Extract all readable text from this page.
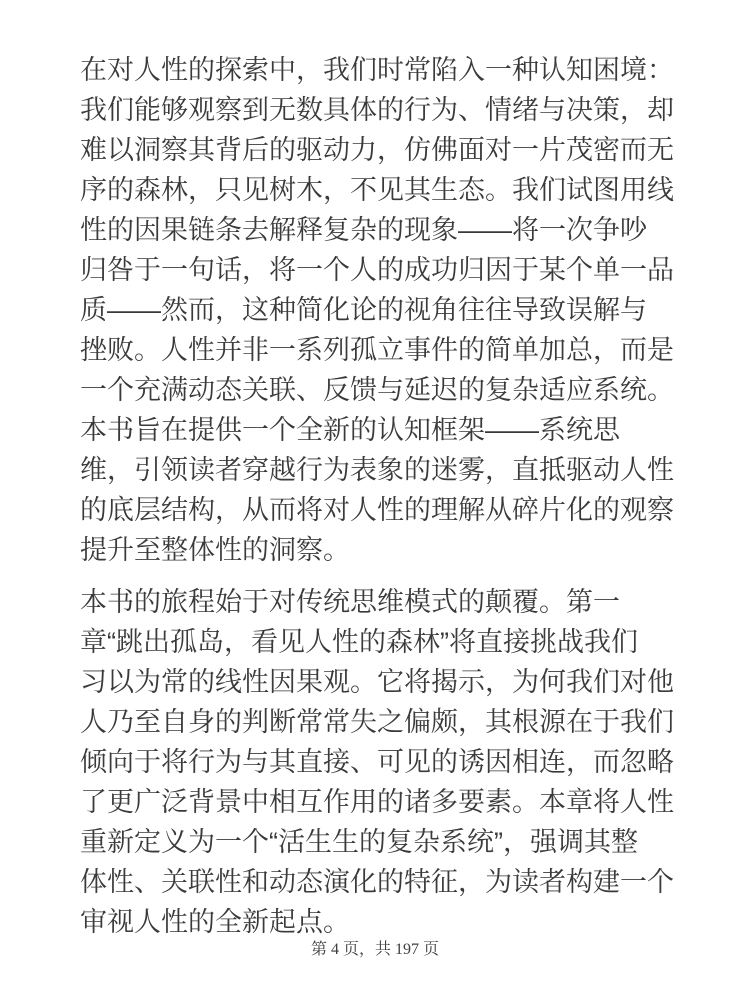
在对人性的探索中，我们时常陷入一种认知困境：
我们能够观察到无数具体的行为、情绪与决策，却
难以洞察其背后的驱动力，仿佛面对一片茂密而无
序的森林，只见树木，不见其生态。我们试图用线
性的因果链条去解释复杂的现象——将一次争吵
归咎于一句话，将一个人的成功归因于某个单一品
质——然而，这种简化论的视角往往导致误解与
挫败。人性并非一系列孤立事件的简单加总，而是
一个充满动态关联、反馈与延迟的复杂适应系统。
本书旨在提供一个全新的认知框架——系统思
维，引领读者穿越行为表象的迷雾，直抵驱动人性
的底层结构，从而将对人性的理解从碎片化的观察
提升至整体性的洞察。
本书的旅程始于对传统思维模式的颠覆。第一
章“跳出孤岛，看见人性的森林”将直接挑战我们
习以为常的线性因果观。它将揭示，为何我们对他
人乃至自身的判断常常失之偏颇，其根源在于我们
倾向于将行为与其直接、可见的诱因相连，而忽略
了更广泛背景中相互作用的诸多要素。本章将人性
重新定义为一个“活生生的复杂系统”，强调其整
体性、关联性和动态演化的特征，为读者构建一个
审视人性的全新起点。
第 4 页，共 197 页
